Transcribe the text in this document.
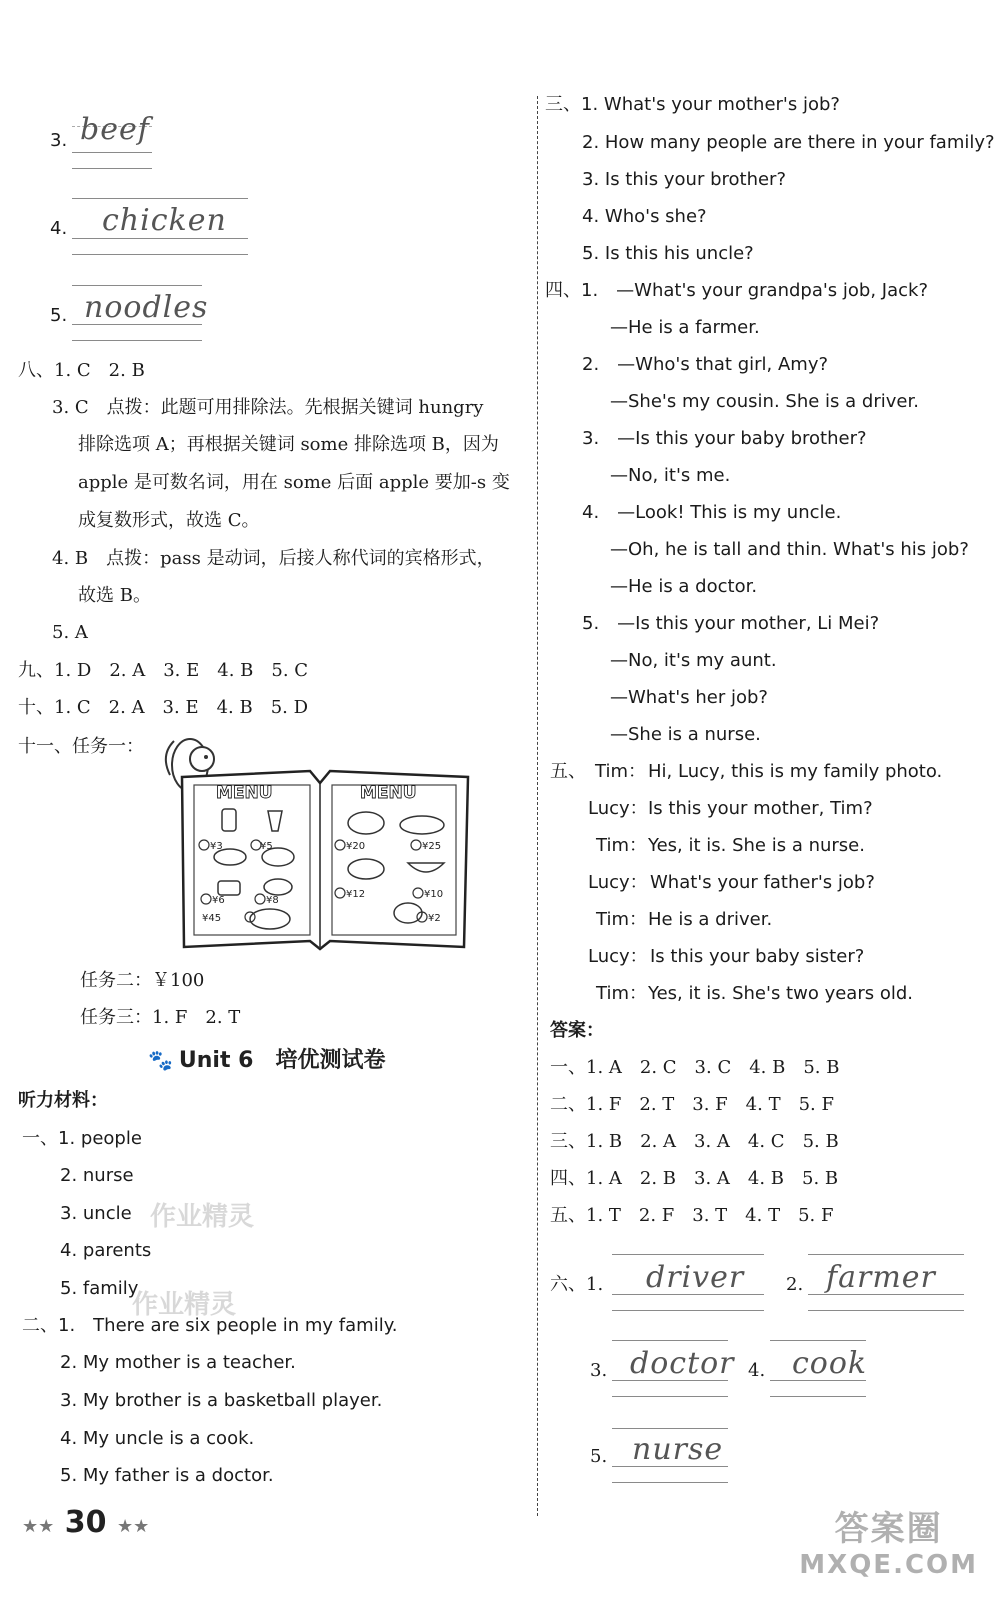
3. beef
4. chicken
5. noodles
八、1. C　2. B
3. C　点拨：此题可用排除法。先根据关键词 hungry
排除选项 A；再根据关键词 some 排除选项 B，因为
apple 是可数名词，用在 some 后面 apple 要加-s 变
成复数形式，故选 C。
4. B　点拨：pass 是动词，后接人称代词的宾格形式，
故选 B。
5. A
九、1. D　2. A　3. E　4. B　5. C
十、1. C　2. A　3. E　4. B　5. D
十一、任务一：
MENU	MENU
¥3	¥5
¥6	¥8
¥45
¥20	¥25
¥12	¥10
¥2
任务二：￥100
任务三：1. F　2. T
🐾 Unit 6　培优测试卷
听力材料：
一、1. people
2. nurse
3. uncle
4. parents
5. family
作业精灵
作业精灵
二、1.　There are six people in my family.
2. My mother is a teacher.
3. My brother is a basketball player.
4. My uncle is a cook.
5. My father is a doctor.
★★ 30 ★★
三、1. What's your mother's job?
2. How many people are there in your family?
3. Is this your brother?
4. Who's she?
5. Is this his uncle?
四、1.　—What's your grandpa's job, Jack?
—He is a farmer.
2.　—Who's that girl, Amy?
—She's my cousin. She is a driver.
3.　—Is this your baby brother?
—No, it's me.
4.　—Look! This is my uncle.
—Oh, he is tall and thin. What's his job?
—He is a doctor.
5.　—Is this your mother, Li Mei?
—No, it's my aunt.
—What's her job?
—She is a nurse.
五、　Tim： Hi, Lucy, this is my family photo.
Lucy： Is this your mother, Tim?
Tim： Yes, it is. She is a nurse.
Lucy： What's your father's job?
Tim： He is a driver.
Lucy： Is this your baby sister?
Tim： Yes, it is. She's two years old.
答案：
一、1. A　2. C　3. C　4. B　5. B
二、1. F　2. T　3. F　4. T　5. F
三、1. B　2. A　3. A　4. C　5. B
四、1. A　2. B　3. A　4. B　5. B
五、1. T　2. F　3. T　4. T　5. F
六、1. driver 2. farmer
3. doctor 4. cook
5. nurse
答案圈
MXQE.COM
